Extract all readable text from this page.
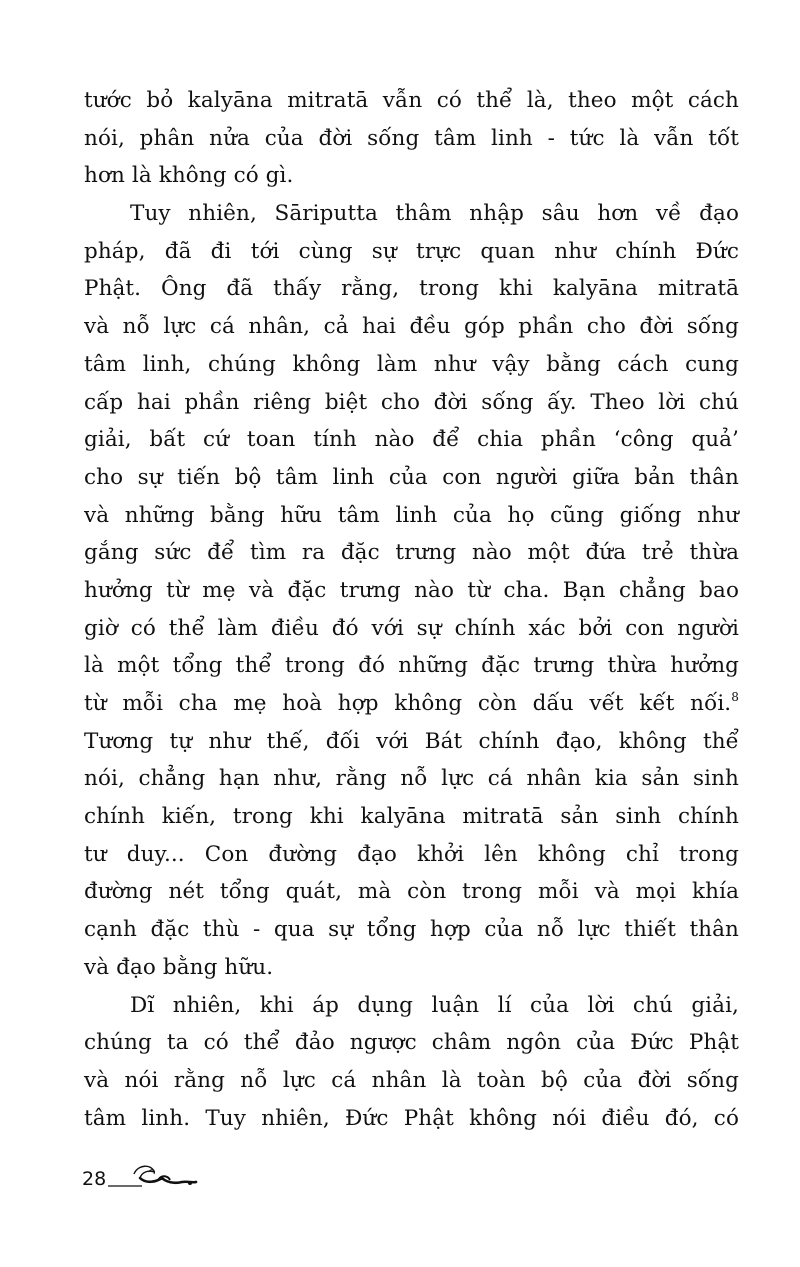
tước bỏ kalyāna mitratā vẫn có thể là, theo một cách
nói, phân nửa của đời sống tâm linh - tức là vẫn tốt
hơn là không có gì.
Tuy nhiên, Sāriputta thâm nhập sâu hơn về đạo
pháp, đã đi tới cùng sự trực quan như chính Đức
Phật. Ông đã thấy rằng, trong khi kalyāna mitratā
và nỗ lực cá nhân, cả hai đều góp phần cho đời sống
tâm linh, chúng không làm như vậy bằng cách cung
cấp hai phần riêng biệt cho đời sống ấy. Theo lời chú
giải, bất cứ toan tính nào để chia phần ‘công quả’
cho sự tiến bộ tâm linh của con người giữa bản thân
và những bằng hữu tâm linh của họ cũng giống như
gắng sức để tìm ra đặc trưng nào một đứa trẻ thừa
hưởng từ mẹ và đặc trưng nào từ cha. Bạn chẳng bao
giờ có thể làm điều đó với sự chính xác bởi con người
là một tổng thể trong đó những đặc trưng thừa hưởng
từ mỗi cha mẹ hoà hợp không còn dấu vết kết nối.$^8$
Tương tự như thế, đối với Bát chính đạo, không thể
nói, chẳng hạn như, rằng nỗ lực cá nhân kia sản sinh
chính kiến, trong khi kalyāna mitratā sản sinh chính
tư duy... Con đường đạo khởi lên không chỉ trong
đường nét tổng quát, mà còn trong mỗi và mọi khía
cạnh đặc thù - qua sự tổng hợp của nỗ lực thiết thân
và đạo bằng hữu.
Dĩ nhiên, khi áp dụng luận lí của lời chú giải,
chúng ta có thể đảo ngược châm ngôn của Đức Phật
và nói rằng nỗ lực cá nhân là toàn bộ của đời sống
tâm linh. Tuy nhiên, Đức Phật không nói điều đó, có
28
